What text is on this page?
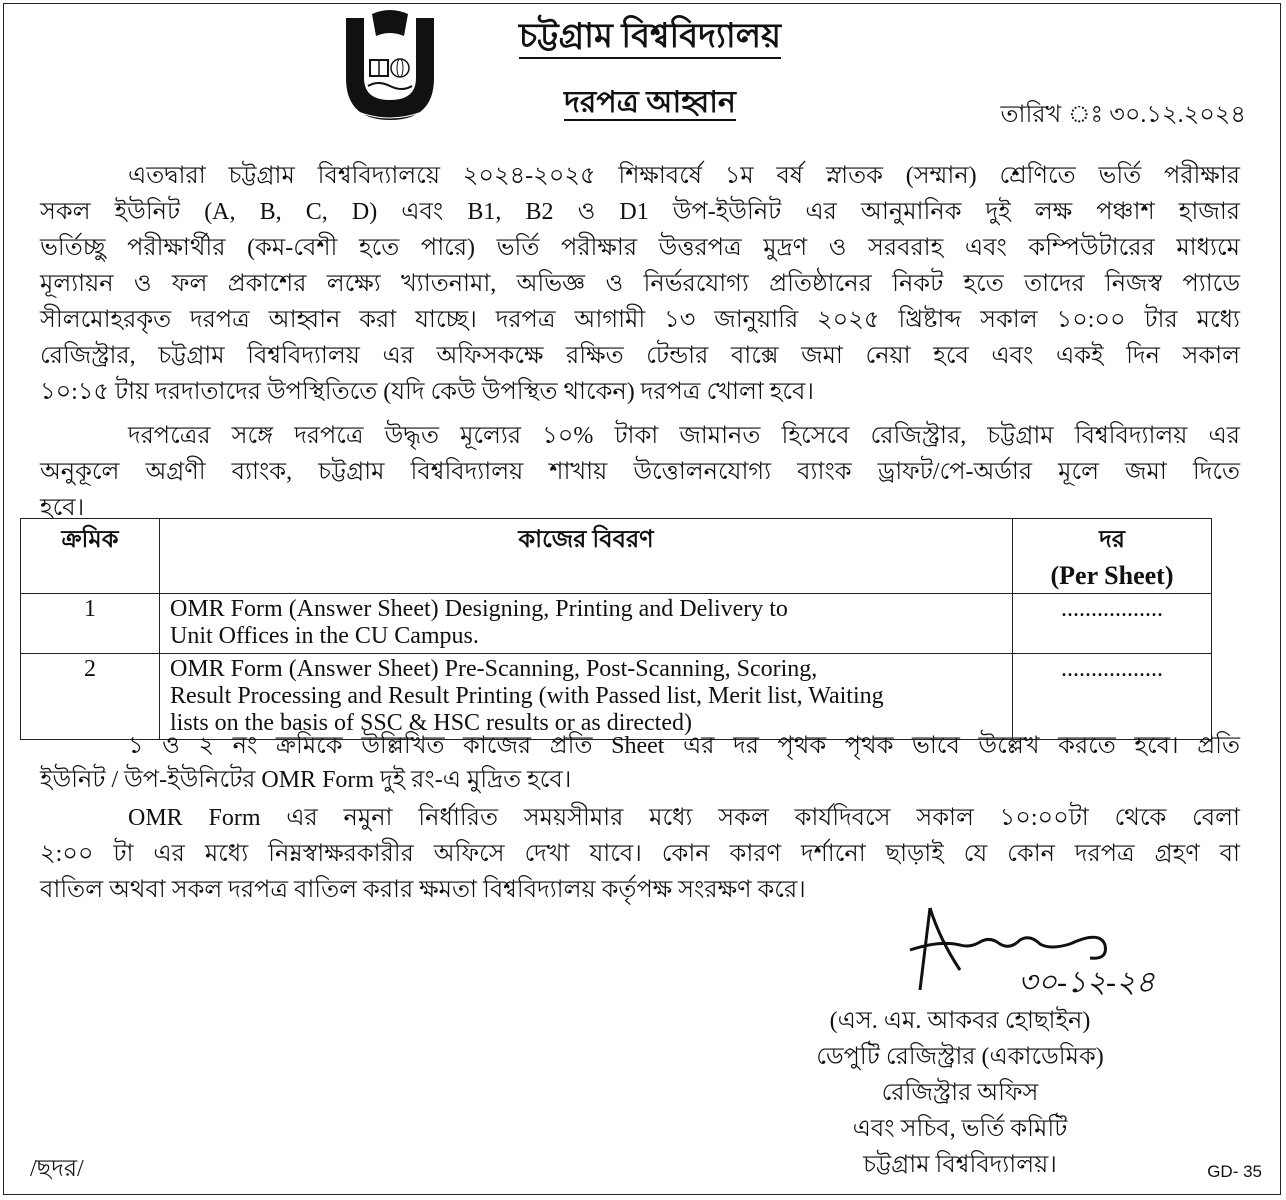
চট্টগ্রাম বিশ্ববিদ্যালয়
দরপত্র আহ্বান	তারিখ ঃ ৩০.১২.২০২৪
এতদ্বারা চট্টগ্রাম বিশ্ববিদ্যালয়ে ২০২৪-২০২৫ শিক্ষাবর্ষে ১ম বর্ষ স্নাতক (সম্মান) শ্রেণিতে ভর্তি পরীক্ষার
সকল ইউনিট (A, B, C, D) এবং B1, B2 ও D1 উপ-ইউনিট এর আনুমানিক দুই লক্ষ পঞ্চাশ হাজার
ভর্তিচ্ছু পরীক্ষার্থীর (কম-বেশী হতে পারে) ভর্তি পরীক্ষার উত্তরপত্র মুদ্রণ ও সরবরাহ এবং কম্পিউটারের মাধ্যমে
মূল্যায়ন ও ফল প্রকাশের লক্ষ্যে খ্যাতনামা, অভিজ্ঞ ও নির্ভরযোগ্য প্রতিষ্ঠানের নিকট হতে তাদের নিজস্ব প্যাডে
সীলমোহরকৃত দরপত্র আহ্বান করা যাচ্ছে। দরপত্র আগামী ১৩ জানুয়ারি ২০২৫ খ্রিষ্টাব্দ সকাল ১০:০০ টার মধ্যে
রেজিস্ট্রার, চট্টগ্রাম বিশ্ববিদ্যালয় এর অফিসকক্ষে রক্ষিত টেন্ডার বাক্সে জমা নেয়া হবে এবং একই দিন সকাল
১০:১৫ টায় দরদাতাদের উপস্থিতিতে (যদি কেউ উপস্থিত থাকেন) দরপত্র খোলা হবে।
দরপত্রের সঙ্গে দরপত্রে উদ্ধৃত মূল্যের ১০% টাকা জামানত হিসেবে রেজিস্ট্রার, চট্টগ্রাম বিশ্ববিদ্যালয় এর
অনুকূলে অগ্রণী ব্যাংক, চট্টগ্রাম বিশ্ববিদ্যালয় শাখায় উত্তোলনযোগ্য ব্যাংক ড্রাফট/পে-অর্ডার মূলে জমা দিতে
হবে।
ক্রমিক	কাজের বিবরণ	দর
(Per Sheet)

1	OMR Form (Answer Sheet) Designing, Printing and Delivery to
Unit Offices in the CU Campus.	.................
2	OMR Form (Answer Sheet) Pre-Scanning, Post-Scanning, Scoring,
Result Processing and Result Printing (with Passed list, Merit list, Waiting
lists on the basis of SSC & HSC results or as directed)	.................
১ ও ২ নং ক্রমিকে উল্লিখিত কাজের প্রতি Sheet এর দর পৃথক পৃথক ভাবে উল্লেখ করতে হবে। প্রতি
ইউনিট / উপ-ইউনিটের OMR Form দুই রং-এ মুদ্রিত হবে।
OMR Form এর নমুনা নির্ধারিত সময়সীমার মধ্যে সকল কার্যদিবসে সকাল ১০:০০টা থেকে বেলা
২:০০ টা এর মধ্যে নিম্নস্বাক্ষরকারীর অফিসে দেখা যাবে। কোন কারণ দর্শানো ছাড়াই যে কোন দরপত্র গ্রহণ বা
বাতিল অথবা সকল দরপত্র বাতিল করার ক্ষমতা বিশ্ববিদ্যালয় কর্তৃপক্ষ সংরক্ষণ করে।
৩০-১২-২৪
(এস. এম. আকবর হোছাইন)
ডেপুটি রেজিস্ট্রার (একাডেমিক)
রেজিস্ট্রার অফিস
এবং সচিব, ভর্তি কমিটি
চট্টগ্রাম বিশ্ববিদ্যালয়।
/ছদর/	GD- 35
